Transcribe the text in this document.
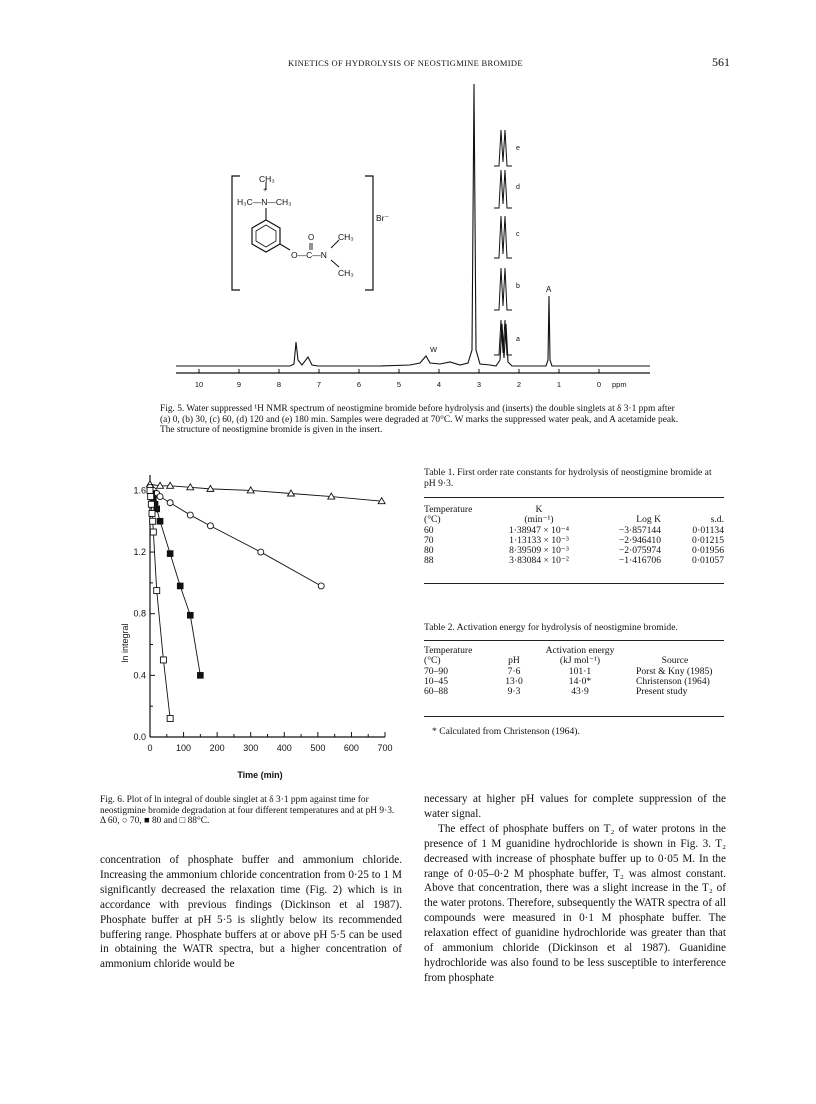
KINETICS OF HYDROLYSIS OF NEOSTIGMINE BROMIDE	561
CH₃
+
H₃C—N—CH₃
O—C—N
O	CH₃
CH₃
Br⁻
a
b
c
d
e
W
A
10	9	8	7	6	5	4	3	2	1	0 ppm
Fig. 5. Water suppressed ¹H NMR spectrum of neostigmine bromide before hydrolysis and (inserts) the double singlets at δ 3·1 ppm after (a) 0, (b) 30, (c) 60, (d) 120 and (e) 180 min. Samples were degraded at 70°C. W marks the suppressed water peak, and A acetamide peak. The structure of neostigmine bromide is given in the insert.
0.0
0.4
0.8
1.2
1.6
0	100 200 300 400 500 600 700
ln integral
Time (min)
Fig. 6. Plot of ln integral of double singlet at δ 3·1 ppm against time for neostigmine bromide degradation at four different temperatures and at pH 9·3. Δ 60, ○ 70, ■ 80 and □ 88°C.
Table 1. First order rate constants for hydrolysis of neostigmine bromide at pH 9·3.
Temperature	K		
(°C)	(min⁻¹)	Log K	s.d.
60	1·38947 × 10⁻⁴	−3·857144	0·01134
70	1·13133 × 10⁻³	−2·946410	0·01215
80	8·39509 × 10⁻³	−2·075974	0·01956
88	3·83084 × 10⁻²	−1·416706	0·01057
Table 2. Activation energy for hydrolysis of neostigmine bromide.
Temperature		Activation energy	
(°C)	pH	(kJ mol⁻¹)	Source
70–90	7·6	101·1	Porst & Kny (1985)
10–45	13·0	14·0*	Christenson (1964)
60–88	9·3	43·9	Present study
* Calculated from Christenson (1964).

concentration of phosphate buffer and ammonium chloride. Increasing the ammonium chloride concentration from 0·25 to 1 M significantly decreased the relaxation time (Fig. 2) which is in accordance with previous findings (Dickinson et al 1987). Phosphate buffer at pH 5·5 is slightly below its recommended buffering range. Phosphate buffers at or above pH 5·5 can be used in obtaining the WATR spectra, but a higher concentration of ammonium chloride would be

necessary at higher pH values for complete suppression of the water signal.

The effect of phosphate buffers on T₂ of water protons in the presence of 1 M guanidine hydrochloride is shown in Fig. 3. T₂ decreased with increase of phosphate buffer up to 0·05 M. In the range of 0·05–0·2 M phosphate buffer, T₂ was almost constant. Above that concentration, there was a slight increase in the T₂ of the water protons. Therefore, subsequently the WATR spectra of all compounds were measured in 0·1 M phosphate buffer. The relaxation effect of guanidine hydrochloride was greater than that of ammonium chloride (Dickinson et al 1987). Guanidine hydrochloride was also found to be less susceptible to interference from phosphate
